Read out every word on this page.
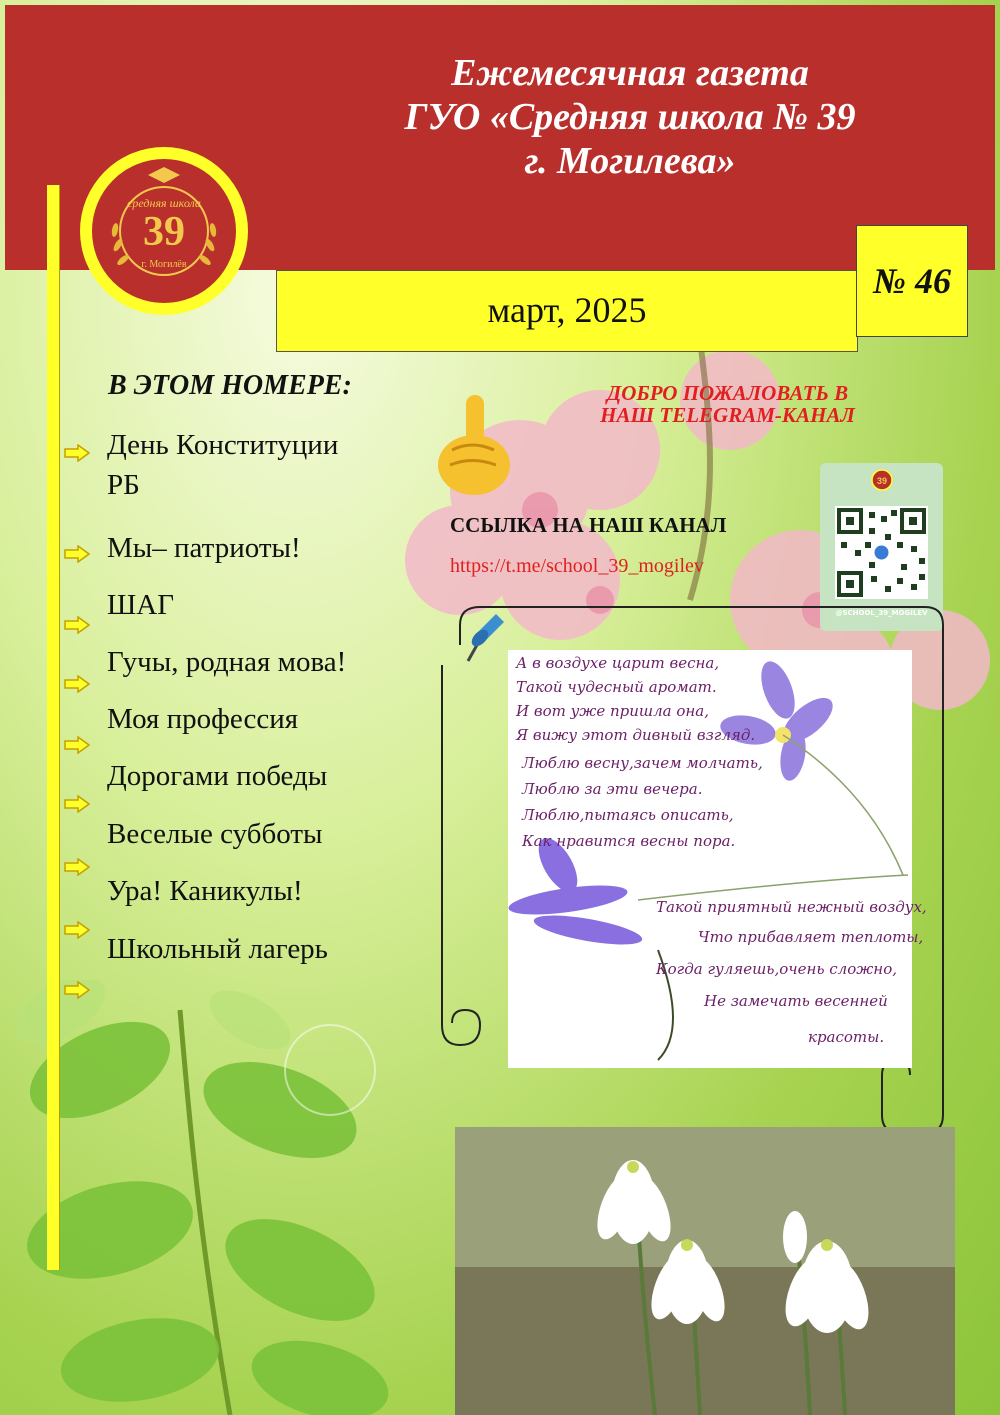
Ежемесячная газета
ГУО «Средняя школа № 39
г. Могилева»
март, 2025
№ 46
средняя школа
39
г. Могилёв
В ЭТОМ НОМЕРЕ:
День Конституции
РБ
Мы– патриоты!
ШАГ
Гучы, родная мова!
Моя профессия
Дорогами победы
Веселые субботы
Ура! Каникулы!
Школьный лагерь
ДОБРО ПОЖАЛОВАТЬ В
НАШ TELEGRAM-КАНАЛ
ССЫЛКА НА НАШ КАНАЛ
https://t.me/school_39_mogilev
39
@SCHOOL_39_MOGILEV
А в воздухе царит весна,
Такой чудесный аромат.
И вот уже пришла она,
Я вижу этот дивный взгляд.
Люблю весну,зачем молчать,
Люблю за эти вечера.
Люблю,пытаясь описать,
Как нравится весны пора.
Такой приятный нежный воздух,
Что прибавляет теплоты,
Когда гуляешь,очень сложно,
Не замечать весенней
красоты.
